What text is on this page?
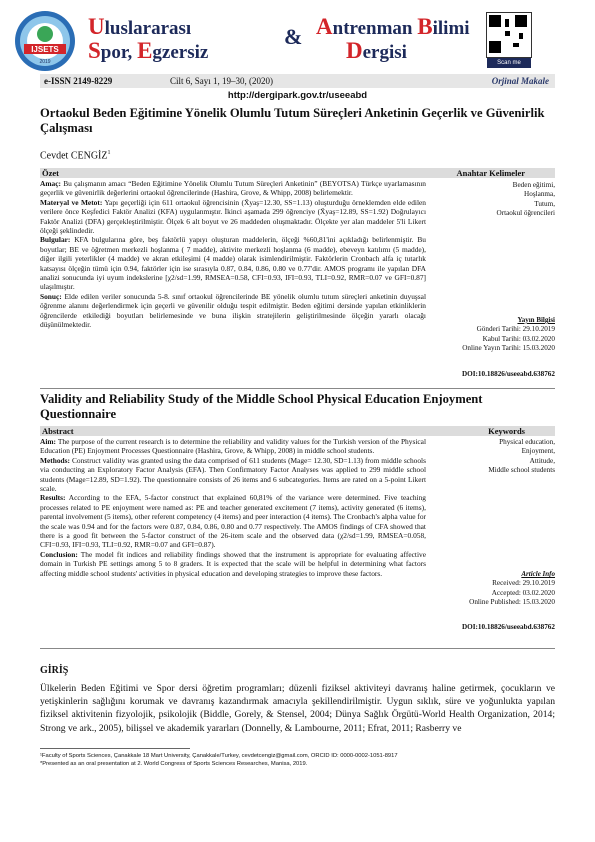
IJSETS
2019
Uluslararası
Spor, Egzersiz
& Antrenman Bilimi
Dergisi	Scan me
e-ISSN 2149-8229	Cilt 6, Sayı 1, 19–30, (2020)	Orjinal Makale
http://dergipark.gov.tr/useeabd
Ortaokul Beden Eğitimine Yönelik Olumlu Tutum Süreçleri Anketinin Geçerlik ve Güvenirlik Çalışması
Cevdet CENGİZ$^1$
Özet	Anahtar Kelimeler

Amaç: Bu çalışmanın amacı “Beden Eğitimine Yönelik Olumlu Tutum Süreçleri Anketinin” (BEYOTSA) Türkçe uyarlamasının geçerlik ve güvenirlik değerlerini ortaokul öğrencilerinde (Hashira, Grove, & Whipp, 2008) belirlemektir.

Materyal ve Metot: Yapı geçerliği için 611 ortaokul öğrencisinin (X̄yaş=12.30, SS=1.13) oluşturduğu örneklemden elde edilen verilere önce Keşfedici Faktör Analizi (KFA) uygulanmıştır. İkinci aşamada 299 öğrenciye (X̄yaş=12.89, SS=1.92) Doğrulayıcı Faktör Analizi (DFA) gerçekleştirilmiştir. Ölçek 6 alt boyut ve 26 maddeden oluşmaktadır. Ölçekte yer alan maddeler 5'li Likert ölçeği şeklindedir.

Bulgular: KFA bulgularına göre, beş faktörlü yapıyı oluşturan maddelerin, ölçeği %60,81'ini açıkladığı belirlenmiştir. Bu boyutlar; BE ve öğretmen merkezli hoşlanma ( 7 madde), aktivite merkezli hoşlanma (6 madde), ebeveyn katılımı (5 madde), diğer ilgili yeterlikler (4 madde) ve akran etkileşimi (4 madde) olarak isimlendirilmiştir. Faktörlerin Cronbach alfa iç tutarlık katsayısı ölçeğin tümü için 0.94, faktörler için ise sırasıyla 0.87, 0.84, 0.86, 0.80 ve 0.77'dir. AMOS programı ile yapılan DFA analizi sonucunda iyi uyum indekslerine [χ2/sd=1.99, RMSEA=0.58, CFI=0.93, IFI=0.93, TLI=0.92, RMR=0.07 ve GFI=0.87] ulaşılmıştır.

Sonuç: Elde edilen veriler sonucunda 5-8. sınıf ortaokul öğrencilerinde BE yönelik olumlu tutum süreçleri anketinin duyuşsal öğrenme alanını değerlendirmek için geçerli ve güvenilir olduğu tespit edilmiştir. Beden eğitimi dersinde yapılan etkinliklerin öğrencilerde etkilediği boyutları belirlemesinde ve buna ilişkin stratejilerin geliştirilmesinde ölçeğin yararlı olacağı düşünülmektedir.

Beden eğitimi,
Hoşlanma,
Tutum,
Ortaokul öğrencileri
Yayın Bilgisi
Gönderi Tarihi: 29.10.2019
Kabul Tarihi: 03.02.2020
Online Yayın Tarihi: 15.03.2020
DOI:10.18826/useeabd.638762
Validity and Reliability Study of the Middle School Physical Education Enjoyment Questionnaire
Abstract	Keywords

Aim: The purpose of the current research is to determine the reliability and validity values for the Turkish version of the Physical Education (PE) Enjoyment Processes Questionnaire (Hashira, Grove, & Whipp, 2008) in middle school students.

Methods: Construct validity was granted using the data comprised of 611 students (Mage= 12.30, SD=1.13) from middle schools via conducting an Exploratory Factor Analysis (EFA). Then Confirmatory Factor Analyses was applied to 299 middle school students (Mage=12.89, SD=1.92). The questionnaire consists of 26 items and 6 subcategories. Items are rated on a 5-point Likert scale.

Results: According to the EFA, 5-factor construct that explained 60,81% of the variance were determined. Five teaching processes related to PE enjoyment were named as: PE and teacher generated excitement (7 items), activity generated (6 items), parental involvement (5 items), other referent competency (4 items) and peer interaction (4 items). The Cronbach's alpha value for the scale was 0.94 and for the factors were 0.87, 0.84, 0.86, 0.80 and 0.77 respectively. The AMOS findings of CFA showed that there is a good fit between the 5-factor construct of the 26-item scale and the observed data (χ2/sd=1.99, RMSEA=0.058, CFI=0.93, IFI=0.93, TLI=0.92, RMR=0.07 and GFI=0.87).

Conclusion: The model fit indices and reliability findings showed that the instrument is appropriate for evaluating affective domain in Turkish PE settings among 5 to 8 graders. It is expected that the scale will be helpful in determining what factors affecting middle school students' activities in physical education and developing strategies to improve these factors.

Physical education,
Enjoyment,
Attitude,
Middle school students
Article Info
Received: 29.10.2019
Accepted: 03.02.2020
Online Published: 15.03.2020
DOI:10.18826/useeabd.638762
GİRİŞ
Ülkelerin Beden Eğitimi ve Spor dersi öğretim programları; düzenli fiziksel aktiviteyi davranış haline getirmek, çocukların ve yetişkinlerin sağlığını korumak ve davranış kazandırmak amacıyla şekillendirilmiştir. Uygun sıklık, süre ve yoğunlukta yapılan fiziksel aktivitenin fizyolojik, psikolojik (Biddle, Gorely, & Stensel, 2004; Dünya Sağlık Örgütü-World Health Organization, 2014; Strong ve ark., 2005), bilişsel ve akademik yararları (Donnelly, & Lambourne, 2011; Efrat, 2011; Rasberry ve
¹Faculty of Sports Sciences, Çanakkale 18 Mart University, Çanakkale/Turkey, cevdetcengiz@gmail.com, ORCID ID: 0000-0002-1051-8917
*Presented as an oral presentation at 2. World Congress of Sports Sciences Researches, Manisa, 2019.
